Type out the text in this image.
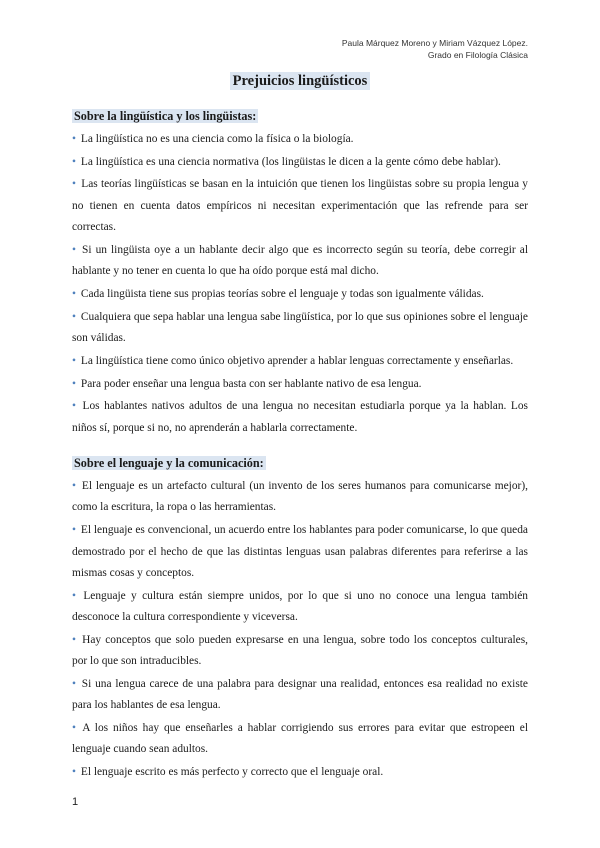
Paula Márquez Moreno y Miriam Vázquez López.
Grado en Filología Clásica
Prejuicios lingüísticos
Sobre la lingüística y los lingüistas:
• La lingüística no es una ciencia como la física o la biología.
• La lingüística es una ciencia normativa (los lingüistas le dicen a la gente cómo debe hablar).
• Las teorías lingüísticas se basan en la intuición que tienen los lingüistas sobre su propia lengua y no tienen en cuenta datos empíricos ni necesitan experimentación que las refrende para ser correctas.
• Si un lingüista oye a un hablante decir algo que es incorrecto según su teoría, debe corregir al hablante y no tener en cuenta lo que ha oído porque está mal dicho.
• Cada lingüista tiene sus propias teorías sobre el lenguaje y todas son igualmente válidas.
• Cualquiera que sepa hablar una lengua sabe lingüística, por lo que sus opiniones sobre el lenguaje son válidas.
• La lingüística tiene como único objetivo aprender a hablar lenguas correctamente y enseñarlas.
• Para poder enseñar una lengua basta con ser hablante nativo de esa lengua.
• Los hablantes nativos adultos de una lengua no necesitan estudiarla porque ya la hablan. Los niños sí, porque si no, no aprenderán a hablarla correctamente.
Sobre el lenguaje y la comunicación:
• El lenguaje es un artefacto cultural (un invento de los seres humanos para comunicarse mejor), como la escritura, la ropa o las herramientas.
• El lenguaje es convencional, un acuerdo entre los hablantes para poder comunicarse, lo que queda demostrado por el hecho de que las distintas lenguas usan palabras diferentes para referirse a las mismas cosas y conceptos.
• Lenguaje y cultura están siempre unidos, por lo que si uno no conoce una lengua también desconoce la cultura correspondiente y viceversa.
• Hay conceptos que solo pueden expresarse en una lengua, sobre todo los conceptos culturales, por lo que son intraducibles.
• Si una lengua carece de una palabra para designar una realidad, entonces esa realidad no existe para los hablantes de esa lengua.
• A los niños hay que enseñarles a hablar corrigiendo sus errores para evitar que estropeen el lenguaje cuando sean adultos.
• El lenguaje escrito es más perfecto y correcto que el lenguaje oral.
1
